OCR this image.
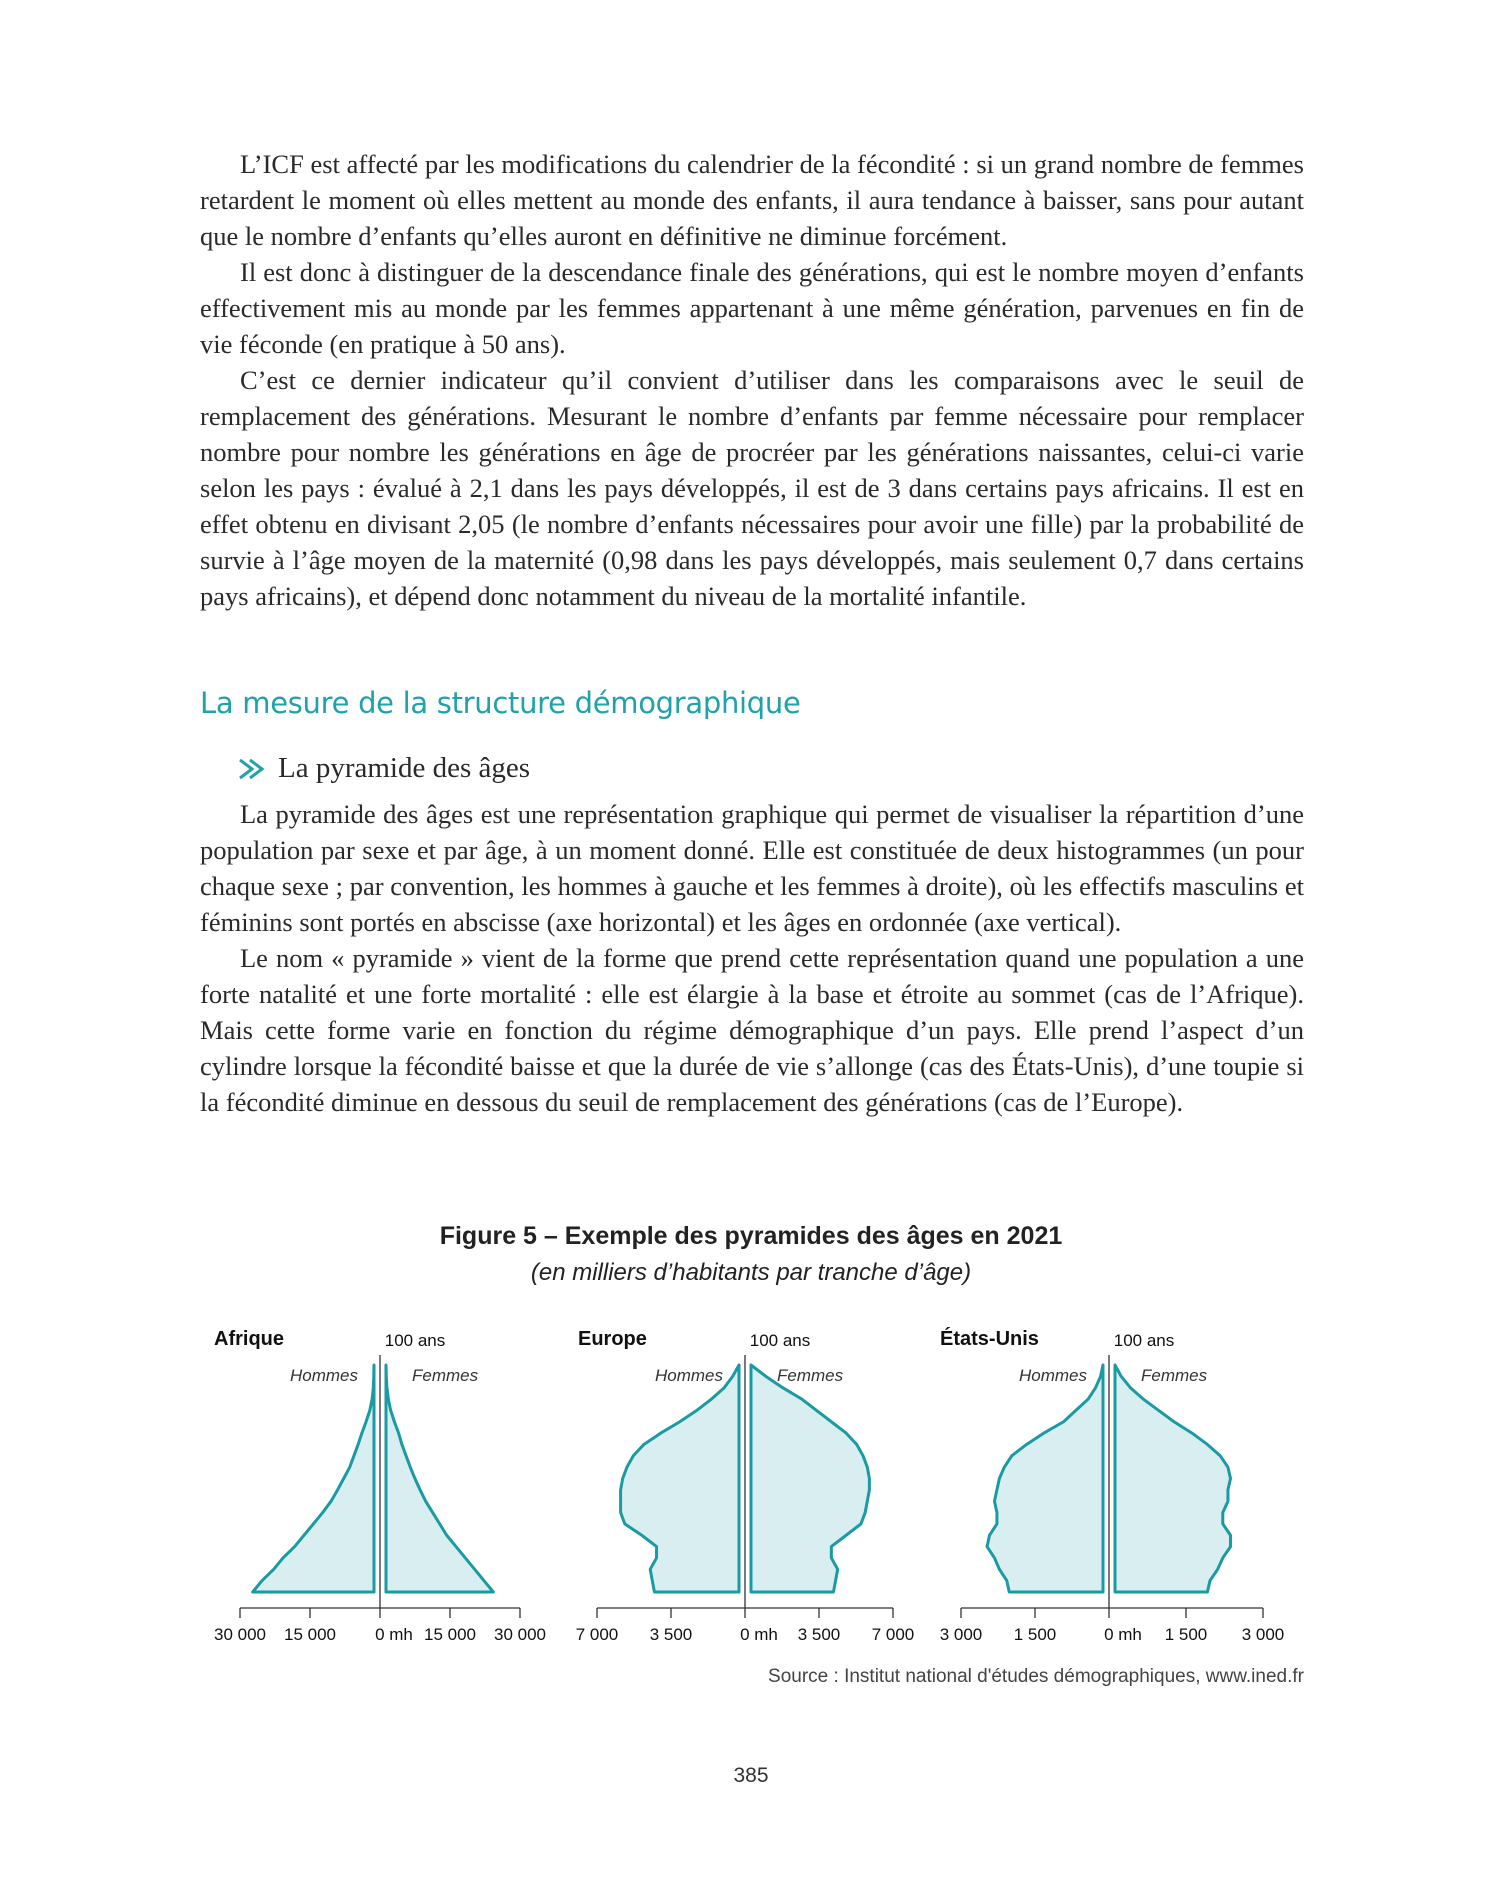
L’ICF est affecté par les modifications du calendrier de la fécondité : si un grand nombre de femmes retardent le moment où elles mettent au monde des enfants, il aura tendance à baisser, sans pour autant que le nombre d’enfants qu’elles auront en définitive ne diminue forcément.

Il est donc à distinguer de la descendance finale des générations, qui est le nombre moyen d’enfants effectivement mis au monde par les femmes appartenant à une même génération, parvenues en fin de vie féconde (en pratique à 50 ans).

C’est ce dernier indicateur qu’il convient d’utiliser dans les comparaisons avec le seuil de remplacement des générations. Mesurant le nombre d’enfants par femme nécessaire pour remplacer nombre pour nombre les générations en âge de procréer par les générations naissantes, celui-ci varie selon les pays : évalué à 2,1 dans les pays développés, il est de 3 dans certains pays africains. Il est en effet obtenu en divisant 2,05 (le nombre d’enfants nécessaires pour avoir une fille) par la probabilité de survie à l’âge moyen de la maternité (0,98 dans les pays développés, mais seulement 0,7 dans certains pays africains), et dépend donc notamment du niveau de la mortalité infantile.

La mesure de la structure démographique
La pyramide des âges

La pyramide des âges est une représentation graphique qui permet de visualiser la répartition d’une population par sexe et par âge, à un moment donné. Elle est constituée de deux histogrammes (un pour chaque sexe ; par convention, les hommes à gauche et les femmes à droite), où les effectifs masculins et féminins sont portés en abscisse (axe horizontal) et les âges en ordonnée (axe vertical).

Le nom « pyramide » vient de la forme que prend cette représentation quand une population a une forte natalité et une forte mortalité : elle est élargie à la base et étroite au sommet (cas de l’Afrique). Mais cette forme varie en fonction du régime démographique d’un pays. Elle prend l’aspect d’un cylindre lorsque la fécondité baisse et que la durée de vie s’allonge (cas des États-Unis), d’une toupie si la fécondité diminue en dessous du seuil de remplacement des générations (cas de l’Europe).

Figure 5 – Exemple des pyramides des âges en 2021
(en milliers d’habitants par tranche d’âge)
30 000 15 000 0 mh 15 000 30 000
Afrique	100 ans
Hommes	Femmes
7 000 3 500	0 mh 3 500 7 000
Europe	100 ans
Hommes	Femmes
3 000 1 500	0 mh 1 500 3 000
États-Unis	100 ans
Hommes	Femmes
Source : Institut national d'études démographiques, www.ined.fr
385
